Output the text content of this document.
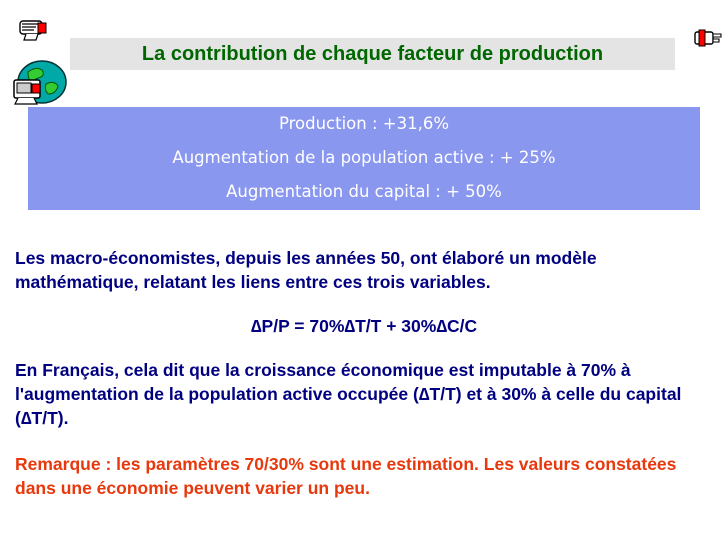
La contribution de chaque facteur de production
Production : +31,6%
Augmentation de la population active : + 25%
Augmentation du capital : + 50%
Les macro-économistes, depuis les années 50, ont élaboré un modèle mathématique, relatant les liens entre ces trois variables.
∆P/P = 70%∆T/T + 30%∆C/C
En Français, cela dit que la croissance économique est imputable à 70% à l'augmentation de la population active occupée (∆T/T) et à 30% à celle du capital (∆T/T).
Remarque : les paramètres 70/30% sont une estimation. Les valeurs constatées dans une économie peuvent varier un peu.
